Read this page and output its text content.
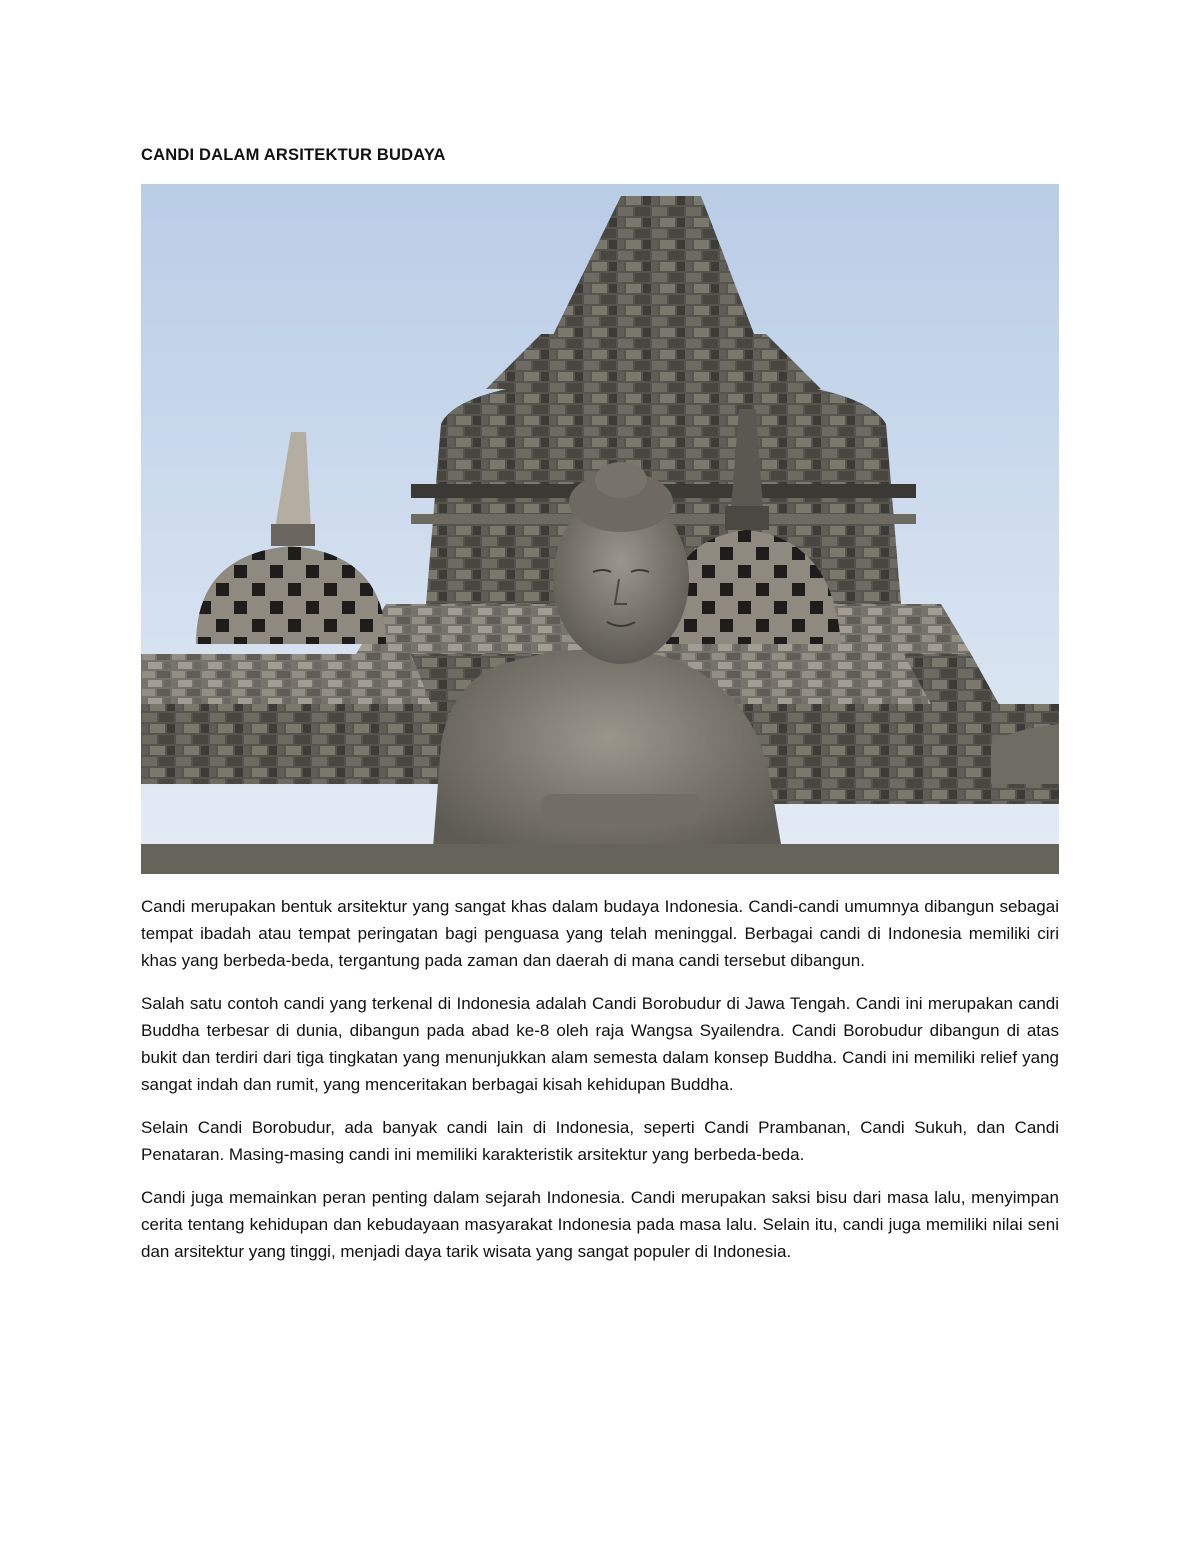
CANDI DALAM ARSITEKTUR BUDAYA

Candi merupakan bentuk arsitektur yang sangat khas dalam budaya Indonesia. Candi-candi umumnya dibangun sebagai tempat ibadah atau tempat peringatan bagi penguasa yang telah meninggal. Berbagai candi di Indonesia memiliki ciri khas yang berbeda-beda, tergantung pada zaman dan daerah di mana candi tersebut dibangun.

Salah satu contoh candi yang terkenal di Indonesia adalah Candi Borobudur di Jawa Tengah. Candi ini merupakan candi Buddha terbesar di dunia, dibangun pada abad ke-8 oleh raja Wangsa Syailendra. Candi Borobudur dibangun di atas bukit dan terdiri dari tiga tingkatan yang menunjukkan alam semesta dalam konsep Buddha. Candi ini memiliki relief yang sangat indah dan rumit, yang menceritakan berbagai kisah kehidupan Buddha.

Selain Candi Borobudur, ada banyak candi lain di Indonesia, seperti Candi Prambanan, Candi Sukuh, dan Candi Penataran. Masing-masing candi ini memiliki karakteristik arsitektur yang berbeda-beda.

Candi juga memainkan peran penting dalam sejarah Indonesia. Candi merupakan saksi bisu dari masa lalu, menyimpan cerita tentang kehidupan dan kebudayaan masyarakat Indonesia pada masa lalu. Selain itu, candi juga memiliki nilai seni dan arsitektur yang tinggi, menjadi daya tarik wisata yang sangat populer di Indonesia.
